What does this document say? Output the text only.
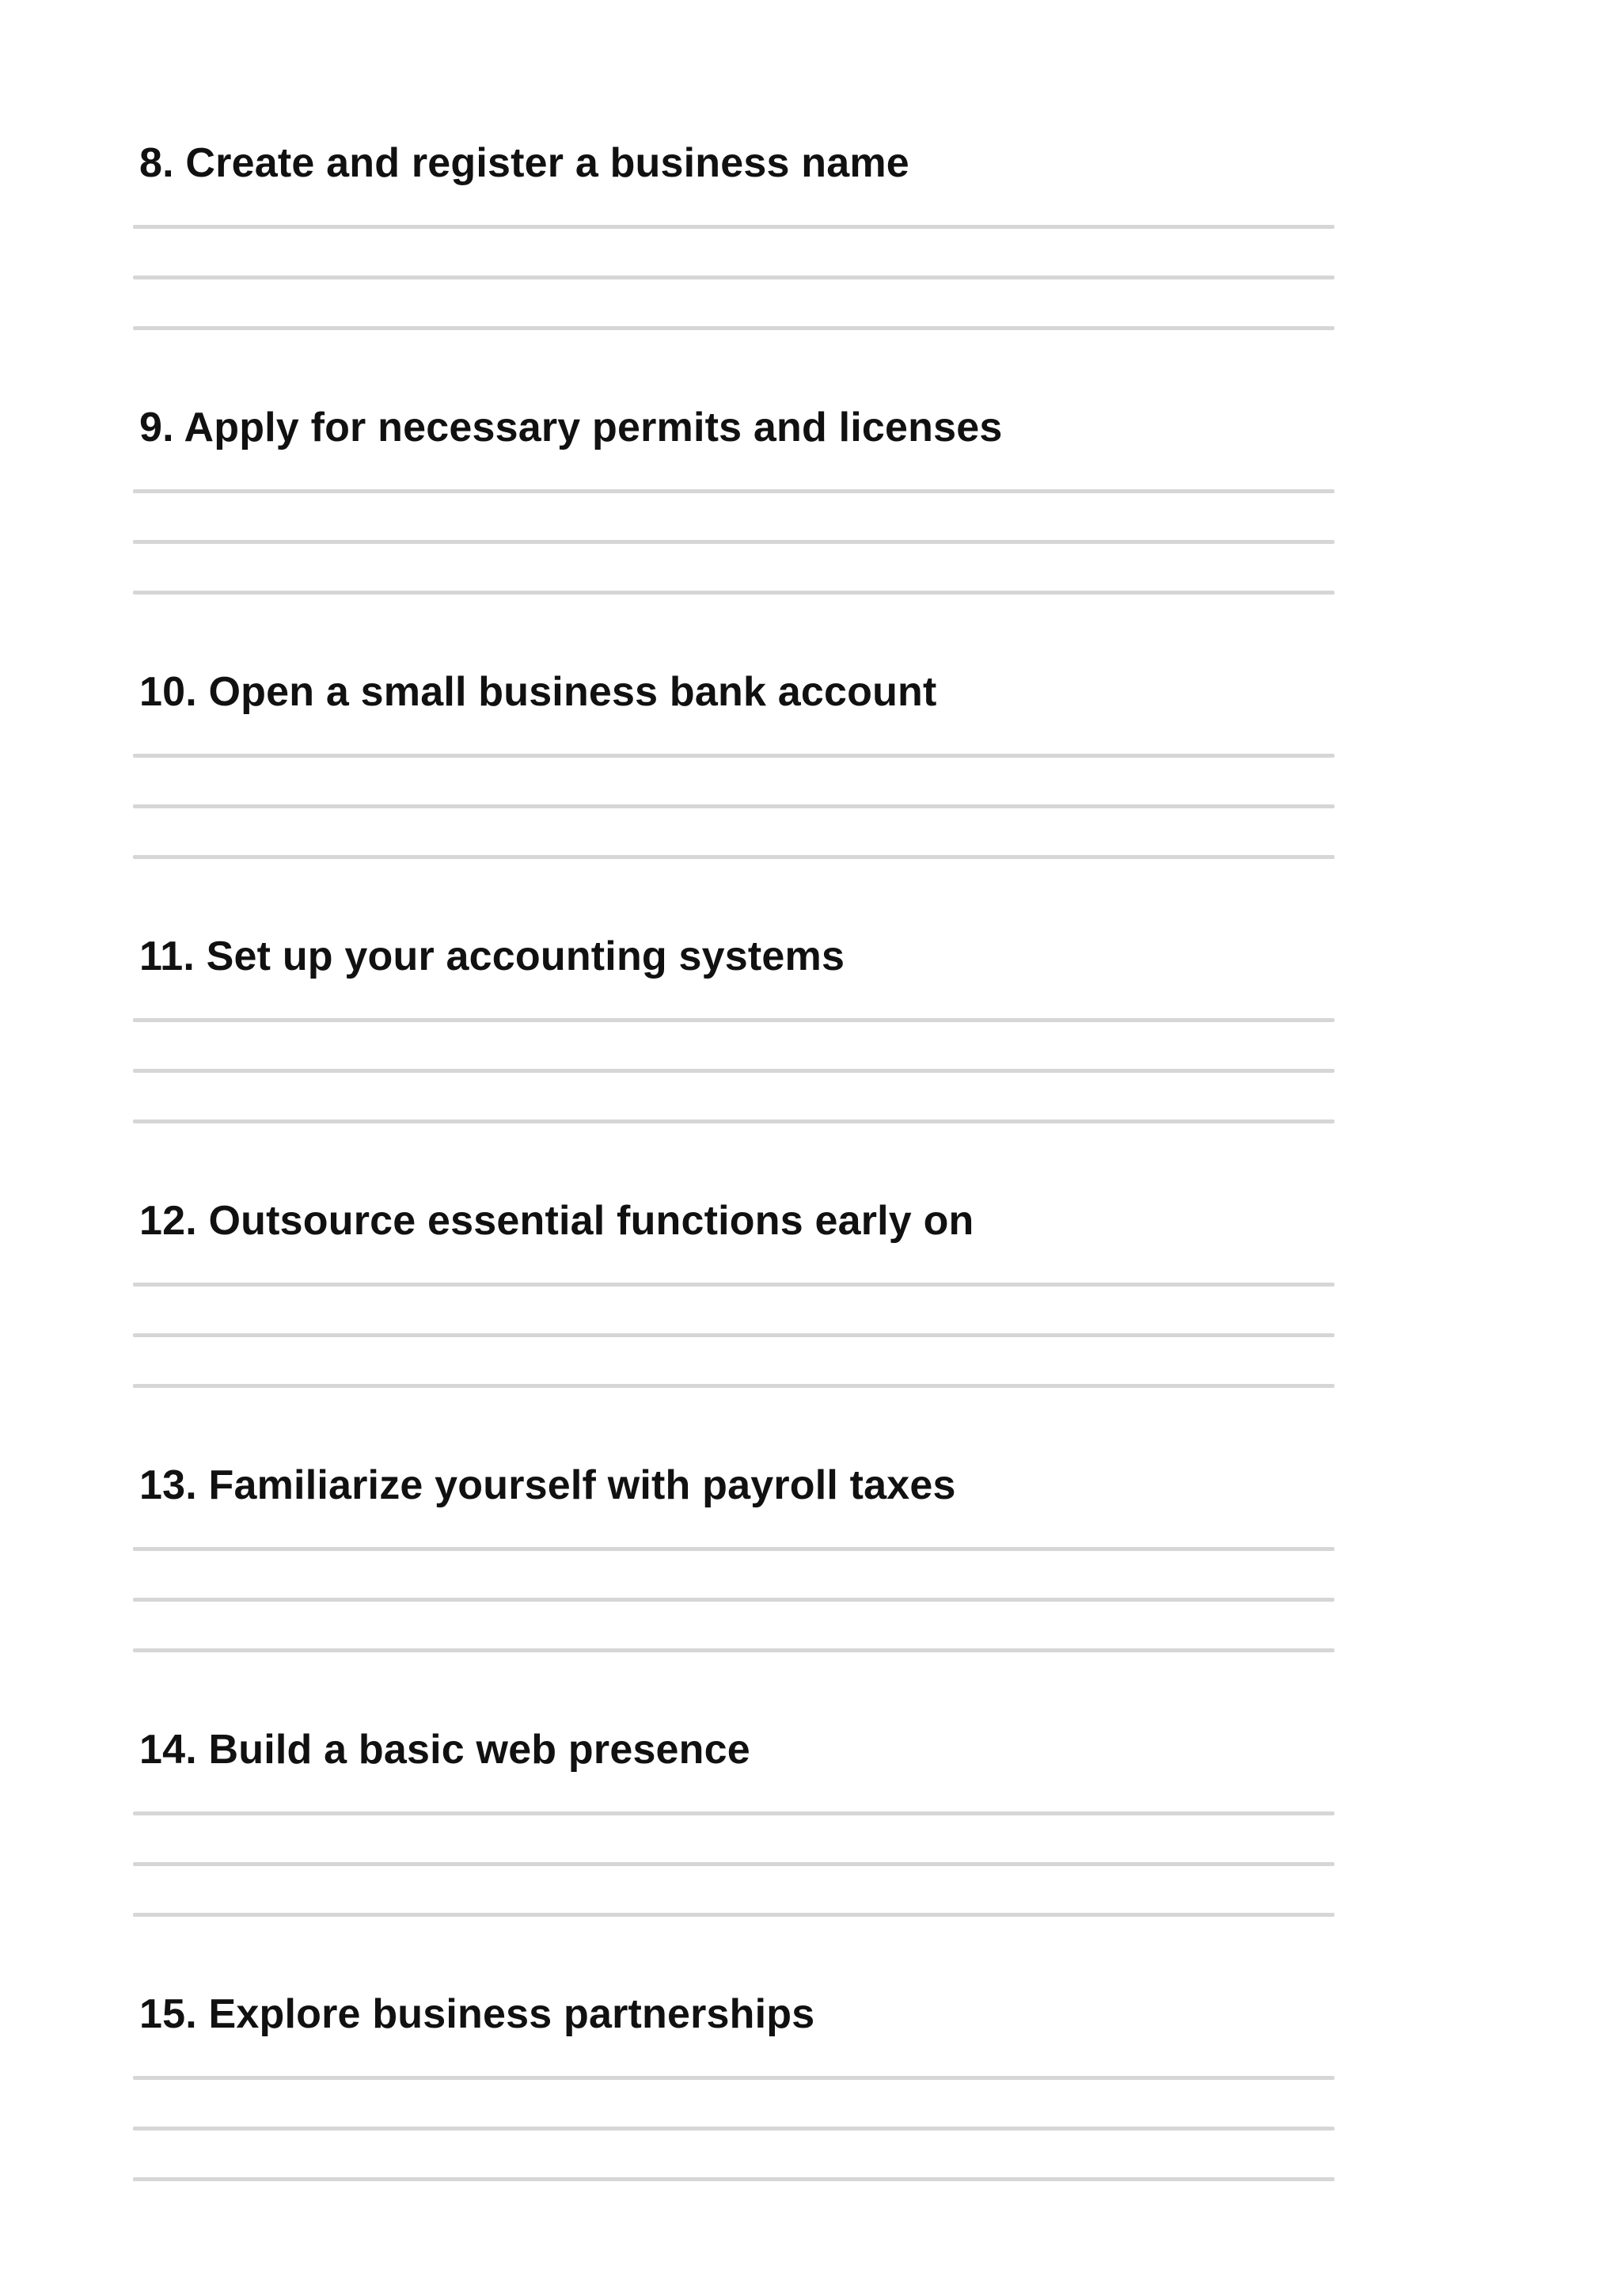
8. Create and register a business name
9. Apply for necessary permits and licenses
10. Open a small business bank account
11. Set up your accounting systems
12. Outsource essential functions early on
13. Familiarize yourself with payroll taxes
14. Build a basic web presence
15. Explore business partnerships
